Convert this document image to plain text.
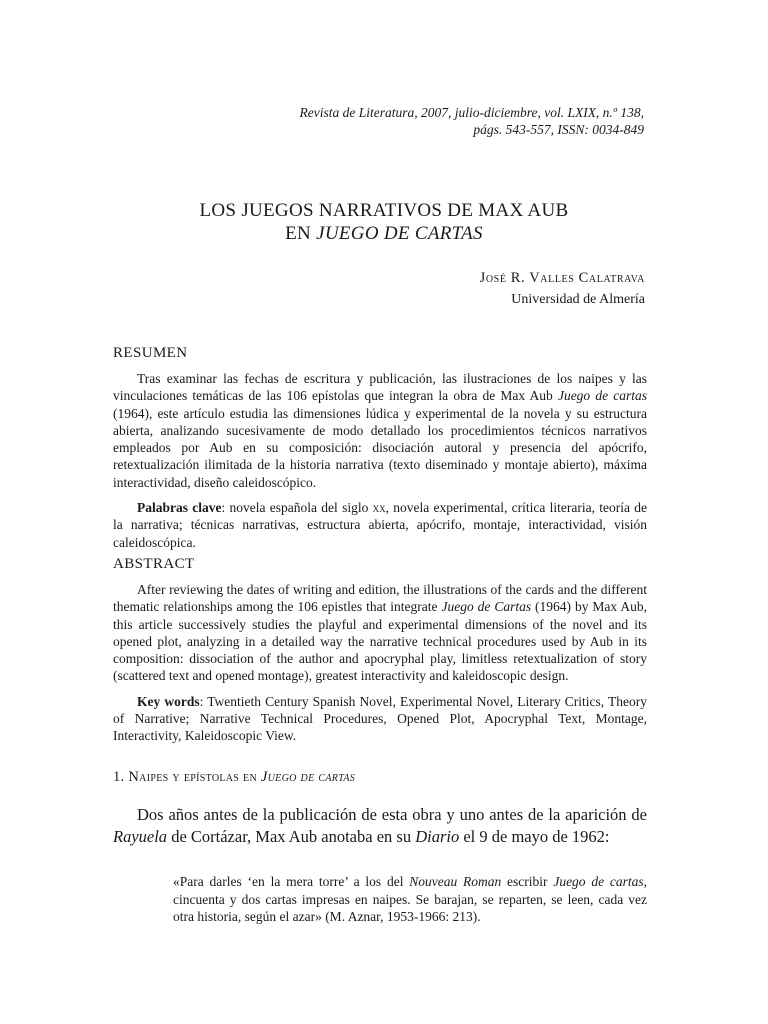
Revista de Literatura, 2007, julio-diciembre, vol. LXIX, n.º 138,
págs. 543-557, ISSN: 0034-849
LOS JUEGOS NARRATIVOS DE MAX AUB
EN JUEGO DE CARTAS
José R. Valles Calatrava
Universidad de Almería
RESUMEN

Tras examinar las fechas de escritura y publicación, las ilustraciones de los naipes y las vinculaciones temáticas de las 106 epístolas que integran la obra de Max Aub Juego de cartas (1964), este artículo estudia las dimensiones lúdica y experimental de la novela y su estructura abierta, analizando sucesivamente de modo detallado los procedimientos técnicos narrativos empleados por Aub en su composición: disociación autoral y presencia del apócrifo, retextualización ilimitada de la historia narrativa (texto diseminado y montaje abierto), máxima interactividad, diseño caleidoscópico.

Palabras clave: novela española del siglo xx, novela experimental, crítica literaria, teoría de la narrativa; técnicas narrativas, estructura abierta, apócrifo, montaje, interactividad, visión caleidoscópica.

ABSTRACT

After reviewing the dates of writing and edition, the illustrations of the cards and the different thematic relationships among the 106 epistles that integrate Juego de Cartas (1964) by Max Aub, this article successively studies the playful and experimental dimensions of the novel and its opened plot, analyzing in a detailed way the narrative technical procedures used by Aub in its composition: dissociation of the author and apocryphal play, limitless retextualization of story (scattered text and opened montage), greatest interactivity and kaleidoscopic design.

Key words: Twentieth Century Spanish Novel, Experimental Novel, Literary Critics, Theory of Narrative; Narrative Technical Procedures, Opened Plot, Apocryphal Text, Montage, Interactivity, Kaleidoscopic View.

1. Naipes y epístolas en Juego de cartas

Dos años antes de la publicación de esta obra y uno antes de la aparición de Rayuela de Cortázar, Max Aub anotaba en su Diario el 9 de mayo de 1962:

«Para darles ‘en la mera torre’ a los del Nouveau Roman escribir Juego de cartas, cincuenta y dos cartas impresas en naipes. Se barajan, se reparten, se leen, cada vez otra historia, según el azar» (M. Aznar, 1953-1966: 213).
